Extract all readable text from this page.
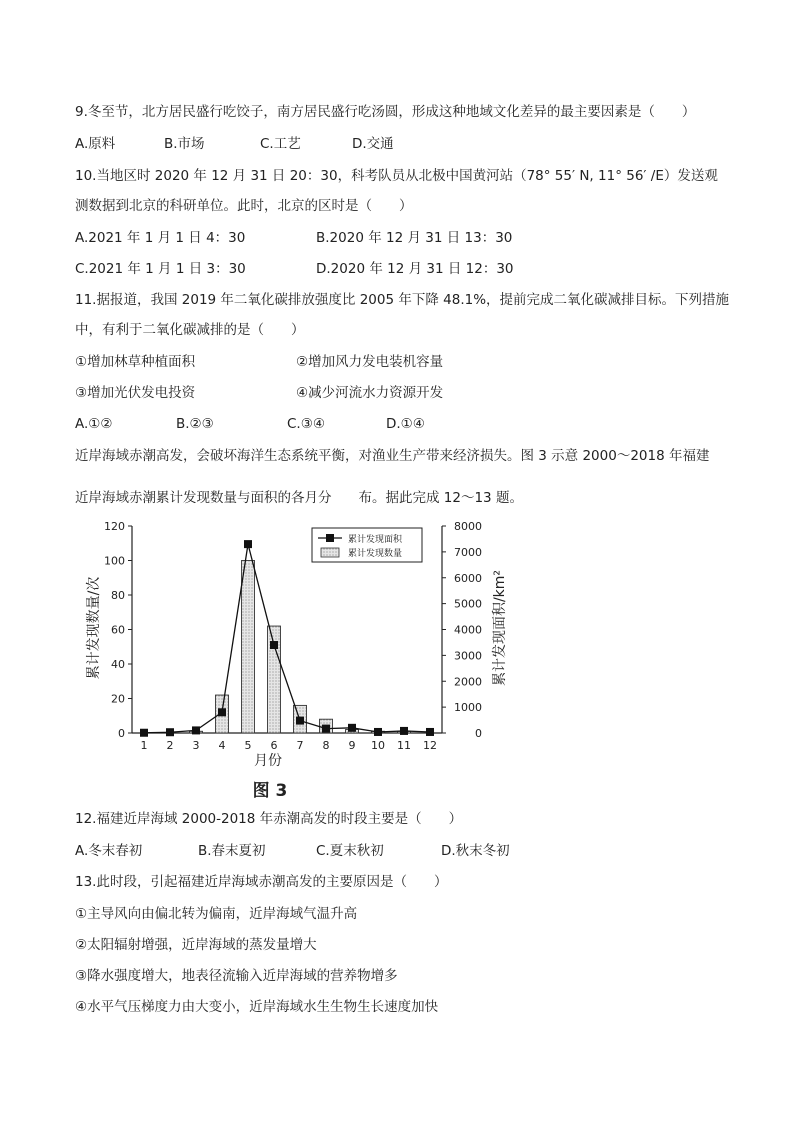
9.冬至节，北方居民盛行吃饺子，南方居民盛行吃汤圆，形成这种地域文化差异的最主要因素是（　　）
A.原料	B.市场	C.工艺	D.交通
10.当地区时 2020 年 12 月 31 日 20：30，科考队员从北极中国黄河站（78° 55′ N, 11° 56′ /E）发送观
测数据到北京的科研单位。此时，北京的区时是（　　）
A.2021 年 1 月 1 日 4：30	B.2020 年 12 月 31 日 13：30
C.2021 年 1 月 1 日 3：30	D.2020 年 12 月 31 日 12：30
11.据报道，我国 2019 年二氧化碳排放强度比 2005 年下降 48.1%，提前完成二氧化碳减排目标。下列措施
中，有利于二氧化碳减排的是（　　）
①增加林草种植面积	②增加风力发电装机容量
③增加光伏发电投资	④减少河流水力资源开发
A.①②	B.②③	C.③④	D.①④
近岸海域赤潮高发，会破坏海洋生态系统平衡，对渔业生产带来经济损失。图 3 示意 2000～2018 年福建
近岸海域赤潮累计发现数量与面积的各月分　　布。据此完成 12～13 题。
0
20
40
60
80
100
120
0
1000
2000
3000
4000
5000
6000
7000
8000
1 2 3 4 5 6 7 8 9 10 11 12
累计发现面积
累计发现数量
累计发现数量/次	累计发现面积/km²
月份
图 3
12.福建近岸海域 2000-2018 年赤潮高发的时段主要是（　　）
A.冬末春初	B.春末夏初	C.夏末秋初	D.秋末冬初
13.此时段，引起福建近岸海域赤潮高发的主要原因是（　　）
①主导风向由偏北转为偏南，近岸海域气温升高
②太阳辐射增强，近岸海域的蒸发量增大
③降水强度增大，地表径流输入近岸海域的营养物增多
④水平气压梯度力由大变小，近岸海域水生生物生长速度加快
